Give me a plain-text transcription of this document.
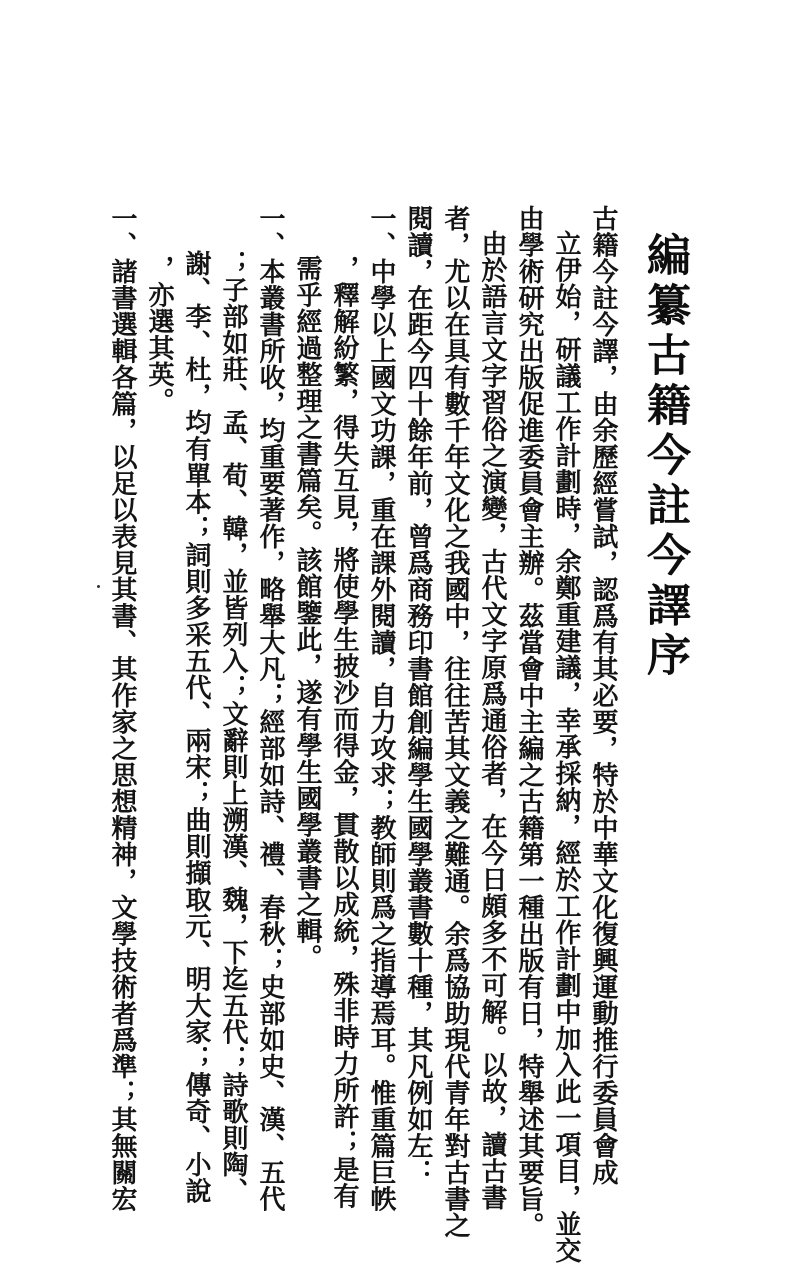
編纂古籍今註今譯序
古籍今註今譯，由余歷經嘗試，認爲有其必要，特於中華文化復興運動推行委員會成
立伊始，研議工作計劃時，余鄭重建議，幸承採納，經於工作計劃中加入此一項目，並交
由學術研究出版促進委員會主辦。茲當會中主編之古籍第一種出版有日，特舉述其要旨。
由於語言文字習俗之演變，古代文字原爲通俗者，在今日頗多不可解。以故，讀古書
者，尤以在具有數千年文化之我國中，往往苦其文義之難通。余爲協助現代青年對古書之
閱讀，在距今四十餘年前，曾爲商務印書館創編學生國學叢書數十種，其凡例如左：
一、中學以上國文功課，重在課外閱讀，自力攻求；教師則爲之指導焉耳。惟重篇巨帙
，釋解紛繁，得失互見，將使學生披沙而得金，貫散以成統，殊非時力所許；是有
需乎經過整理之書篇矣。該館鑒此，遂有學生國學叢書之輯。
一、本叢書所收，均重要著作，略舉大凡；經部如詩、禮、春秋；史部如史、漢、五代
；子部如莊、孟、荀、韓，並皆列入；文辭則上溯漢、魏，下迄五代；詩歌則陶、
謝、李、杜，均有單本；詞則多采五代、兩宋；曲則擷取元、明大家；傳奇、小說
，亦選其英。
一、諸書選輯各篇，以足以表見其書、其作家之思想精神，文學技術者爲準；其無關宏
